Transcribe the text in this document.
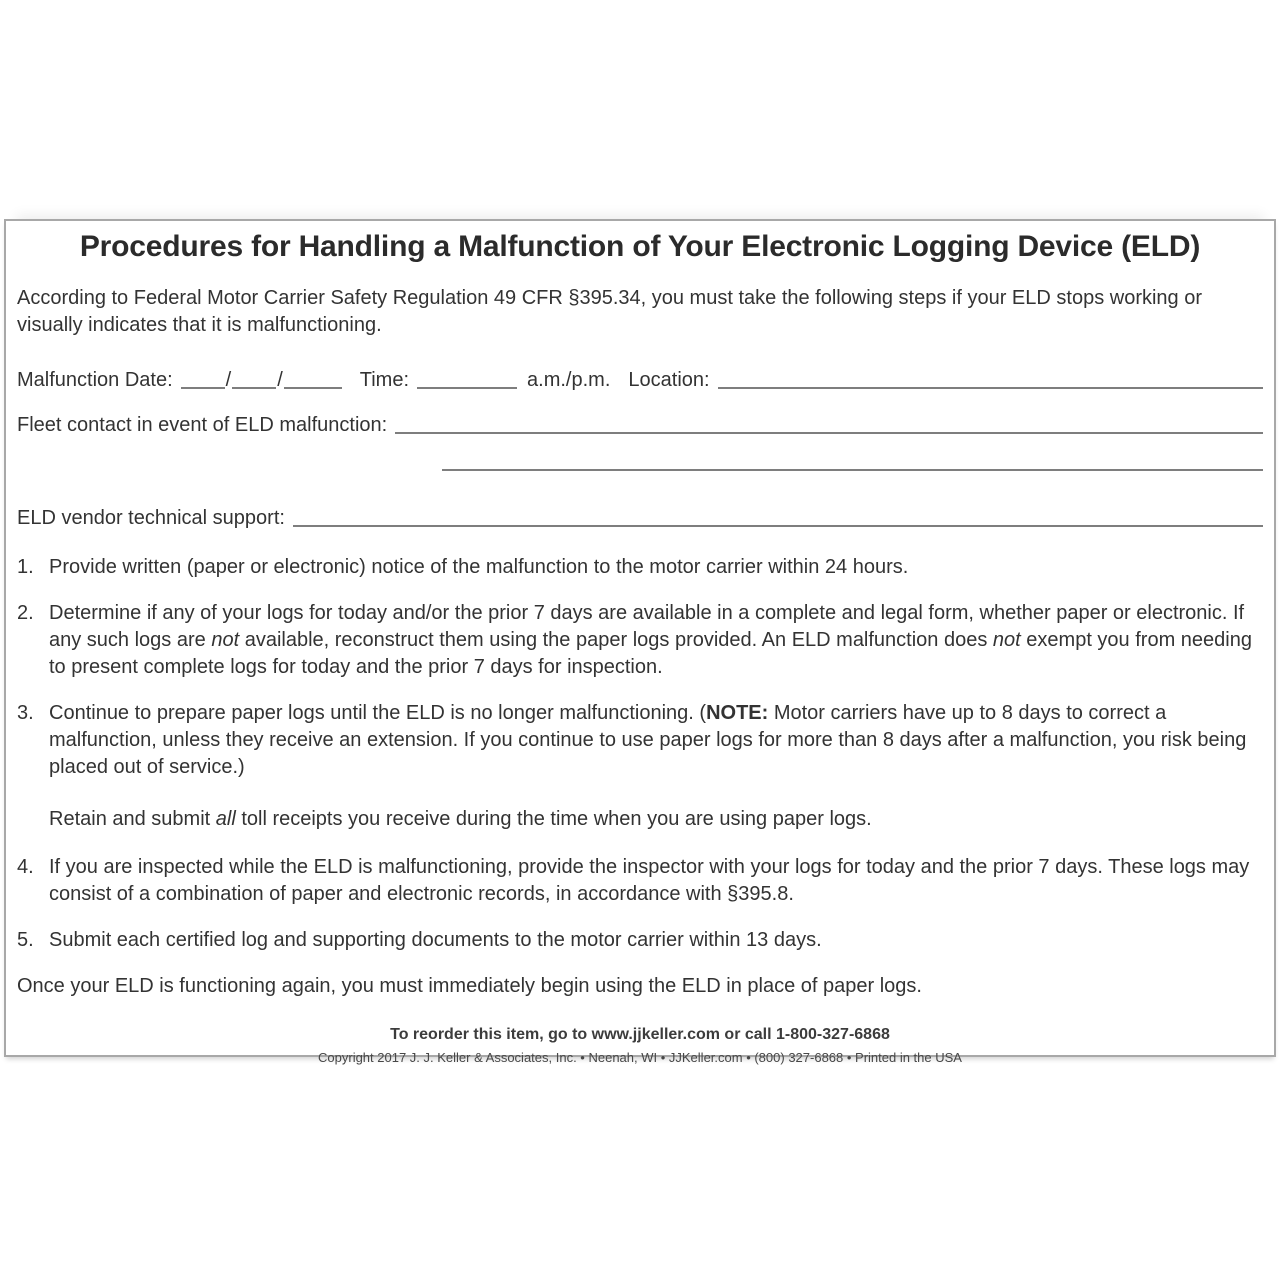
Procedures for Handling a Malfunction of Your Electronic Logging Device (ELD)
According to Federal Motor Carrier Safety Regulation 49 CFR §395.34, you must take the following steps if your ELD stops working or visually indicates that it is malfunctioning.
Malfunction Date:	/ /	Time:	a.m./p.m. Location:
Fleet contact in event of ELD malfunction:
ELD vendor technical support:
1. Provide written (paper or electronic) notice of the malfunction to the motor carrier within 24 hours.
2. Determine if any of your logs for today and/or the prior 7 days are available in a complete and legal form, whether paper or electronic. If any such logs are not available, reconstruct them using the paper logs provided. An ELD malfunction does not exempt you from needing to present complete logs for today and the prior 7 days for inspection.
3. Continue to prepare paper logs until the ELD is no longer malfunctioning. (NOTE: Motor carriers have up to 8 days to correct a malfunction, unless they receive an extension. If you continue to use paper logs for more than 8 days after a malfunction, you risk being placed out of service.)
Retain and submit all toll receipts you receive during the time when you are using paper logs.
4. If you are inspected while the ELD is malfunctioning, provide the inspector with your logs for today and the prior 7 days. These logs may consist of a combination of paper and electronic records, in accordance with §395.8.
5. Submit each certified log and supporting documents to the motor carrier within 13 days.
Once your ELD is functioning again, you must immediately begin using the ELD in place of paper logs.
To reorder this item, go to www.jjkeller.com or call 1-800-327-6868
Copyright 2017 J. J. Keller & Associates, Inc. • Neenah, WI • JJKeller.com • (800) 327-6868 • Printed in the USA
